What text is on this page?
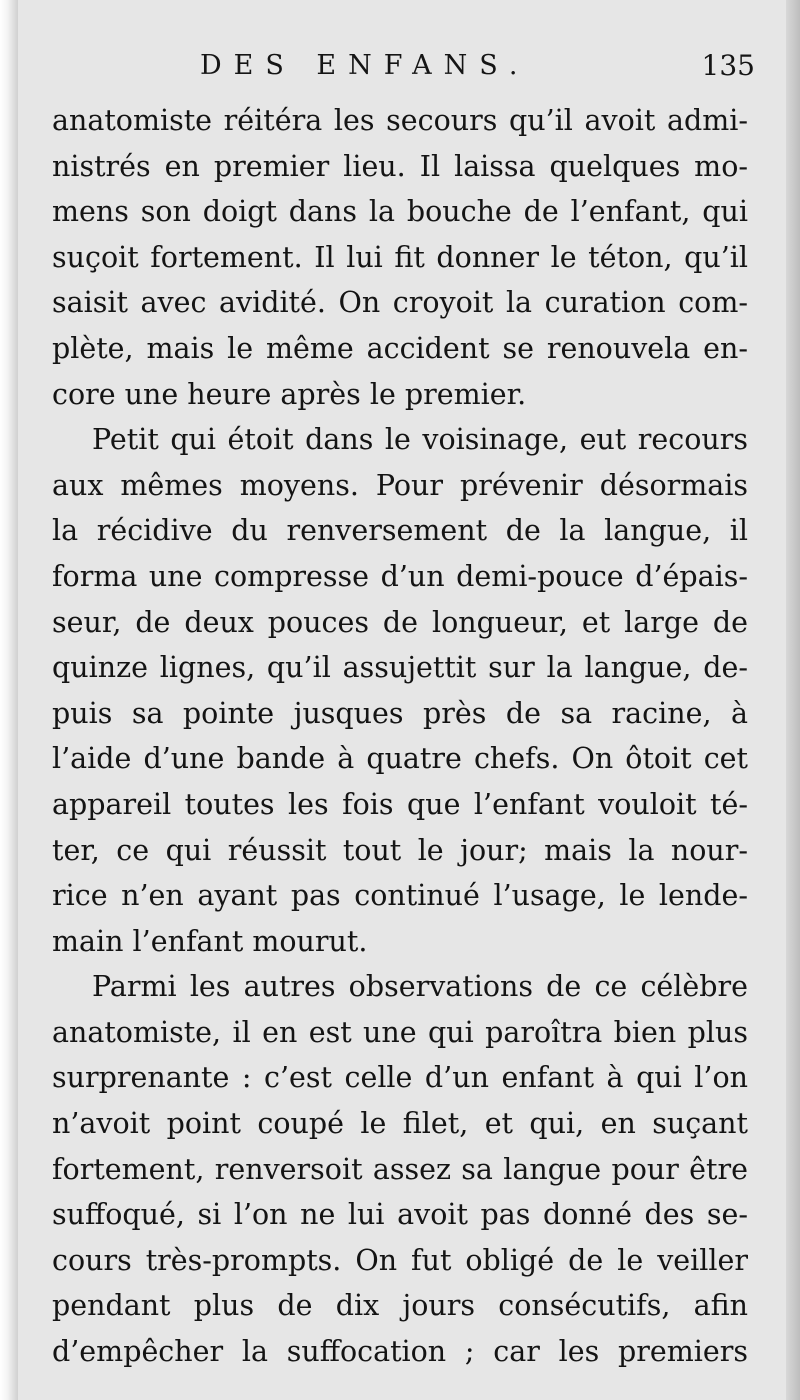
DES ENFANS.	135
anatomiste réitéra les secours qu’il avoit admi-
nistrés en premier lieu. Il laissa quelques mo-
mens son doigt dans la bouche de l’enfant, qui
suçoit fortement. Il lui fit donner le téton, qu’il
saisit avec avidité. On croyoit la curation com-
plète, mais le même accident se renouvela en-
core une heure après le premier.
Petit qui étoit dans le voisinage, eut recours
aux mêmes moyens. Pour prévenir désormais
la récidive du renversement de la langue, il
forma une compresse d’un demi-pouce d’épais-
seur, de deux pouces de longueur, et large de
quinze lignes, qu’il assujettit sur la langue, de-
puis sa pointe jusques près de sa racine, à
l’aide d’une bande à quatre chefs. On ôtoit cet
appareil toutes les fois que l’enfant vouloit té-
ter, ce qui réussit tout le jour; mais la nour-
rice n’en ayant pas continué l’usage, le lende-
main l’enfant mourut.
Parmi les autres observations de ce célèbre
anatomiste, il en est une qui paroîtra bien plus
surprenante : c’est celle d’un enfant à qui l’on
n’avoit point coupé le filet, et qui, en suçant
fortement, renversoit assez sa langue pour être
suffoqué, si l’on ne lui avoit pas donné des se-
cours très-prompts. On fut obligé de le veiller
pendant plus de dix jours consécutifs, afin
d’empêcher la suffocation ; car les premiers
